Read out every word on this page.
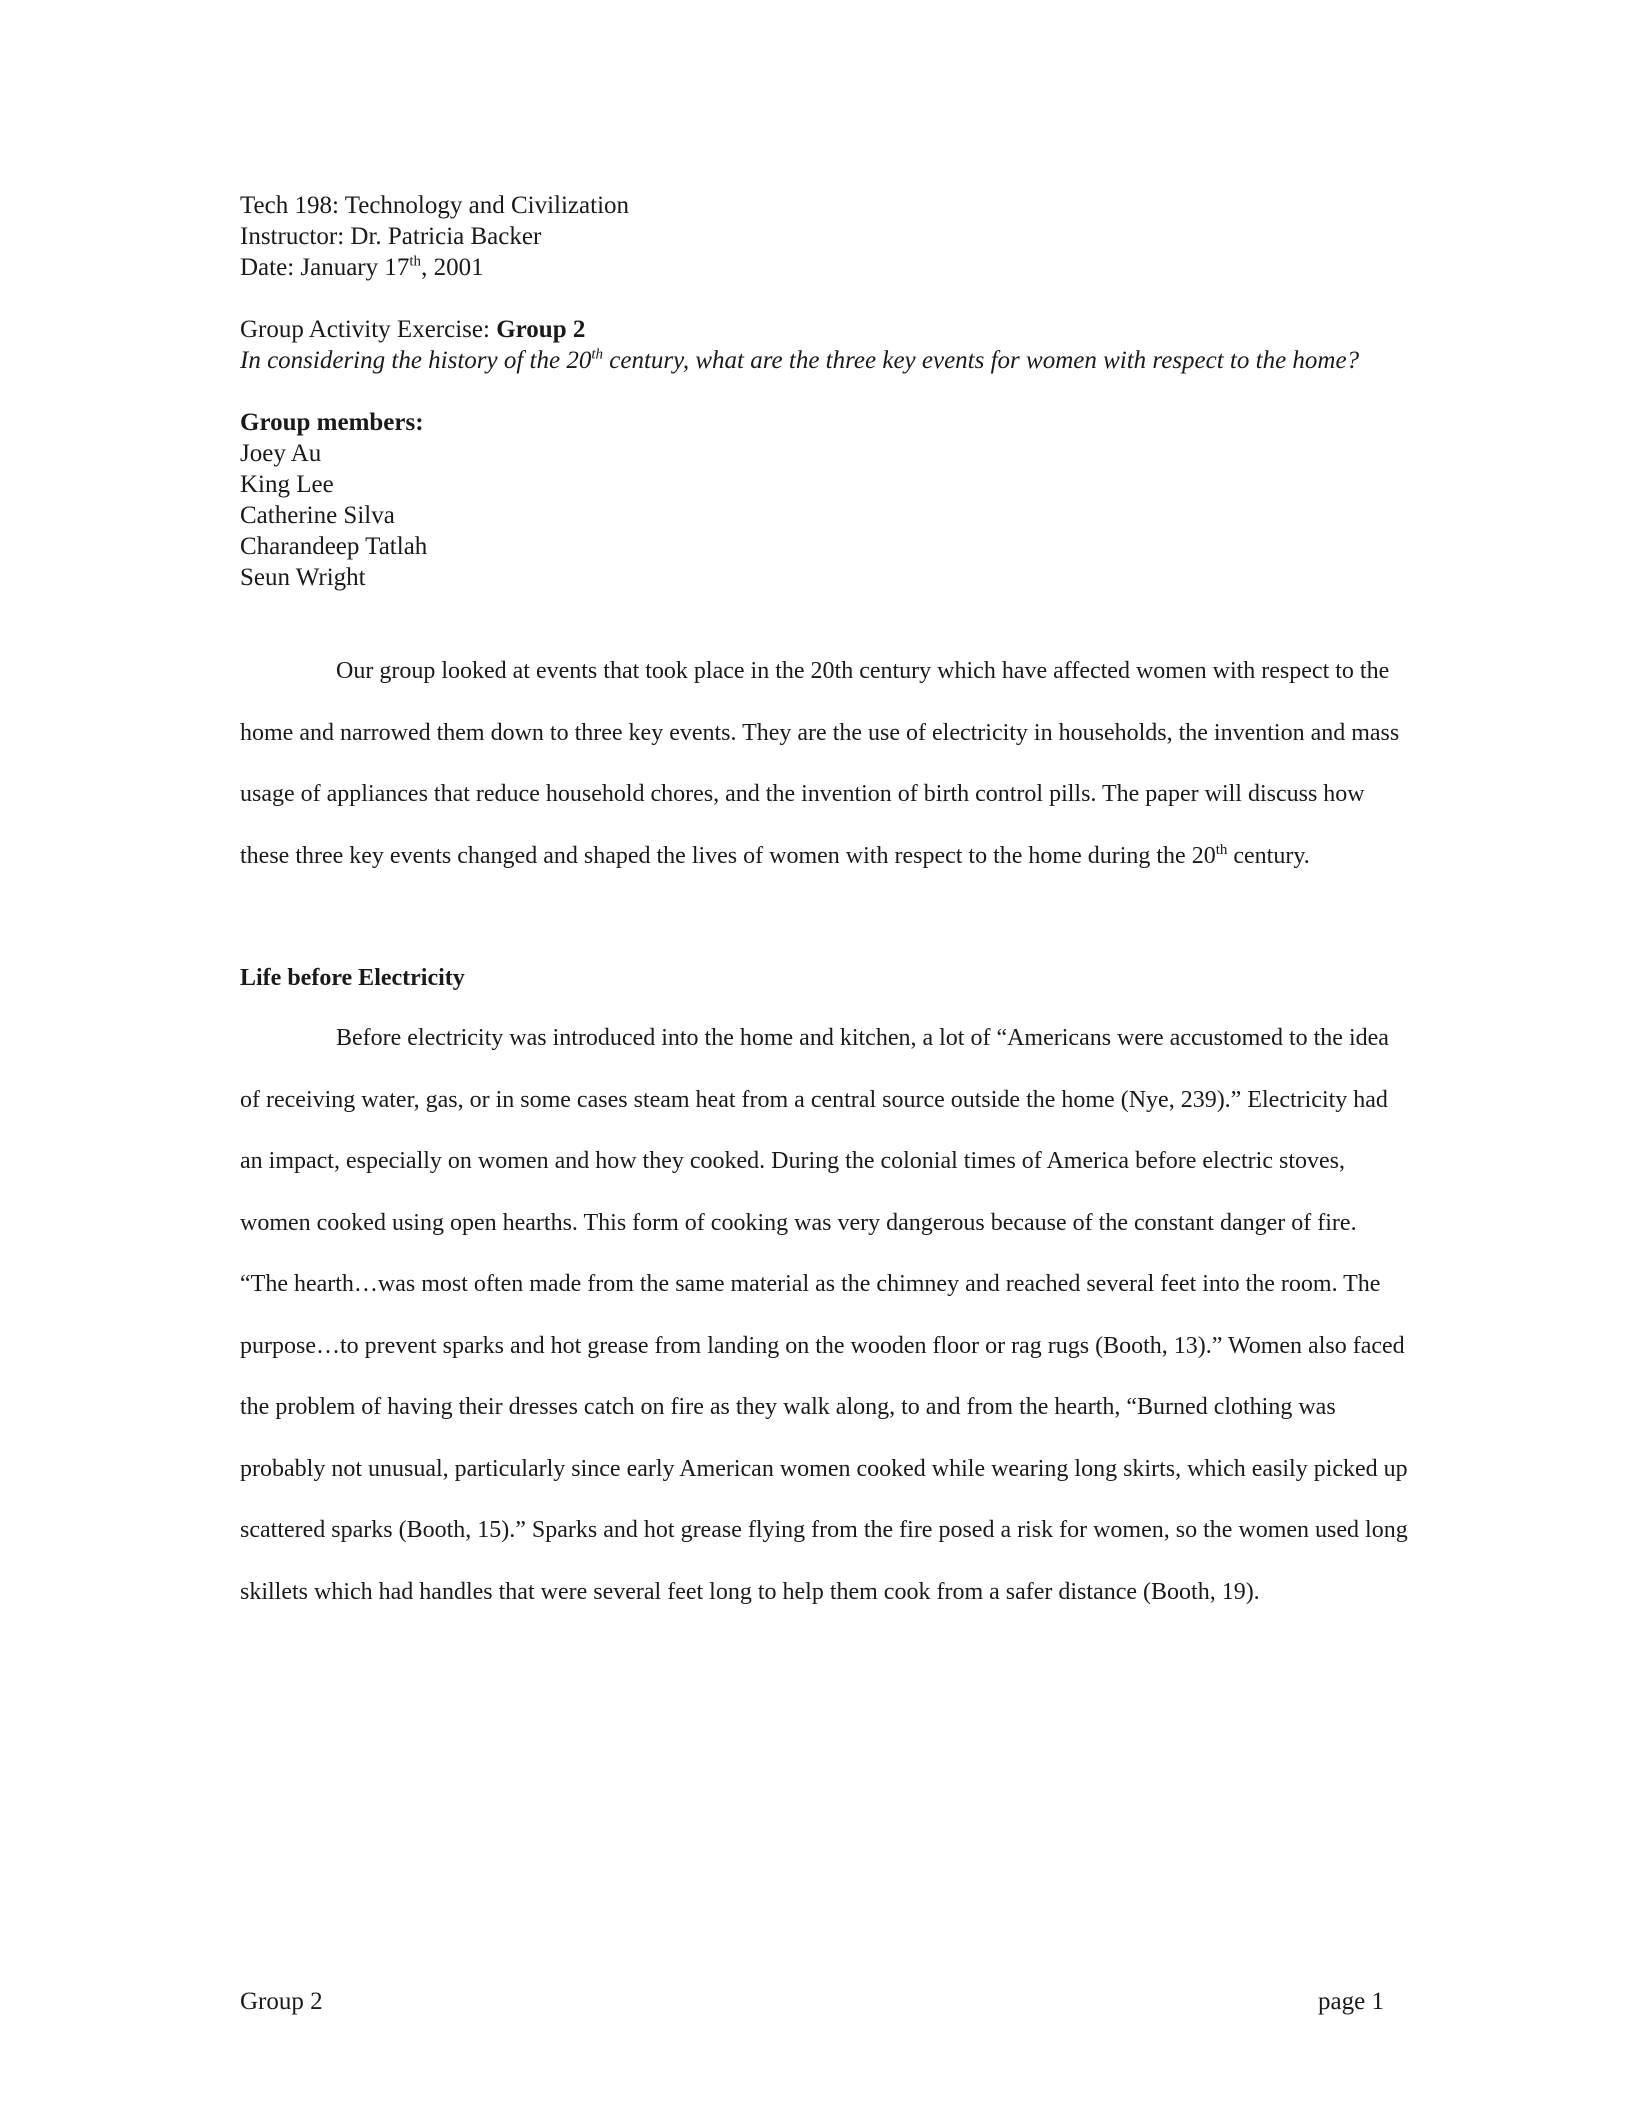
Tech 198: Technology and Civilization

Instructor: Dr. Patricia Backer

Date: January 17th, 2001

Group Activity Exercise: Group 2

In considering the history of the 20th century, what are the three key events for women with respect to the home?

Group members:

Joey Au
King Lee
Catherine Silva
Charandeep Tatlah
Seun Wright

Our group looked at events that took place in the 20th century which have affected women with respect to the home and narrowed them down to three key events. They are the use of electricity in households, the invention and mass usage of appliances that reduce household chores, and the invention of birth control pills. The paper will discuss how these three key events changed and shaped the lives of women with respect to the home during the 20th century.

Life before Electricity

Before electricity was introduced into the home and kitchen, a lot of “Americans were accustomed to the idea of receiving water, gas, or in some cases steam heat from a central source outside the home (Nye, 239).” Electricity had an impact, especially on women and how they cooked. During the colonial times of America before electric stoves, women cooked using open hearths. This form of cooking was very dangerous because of the constant danger of fire. “The hearth…was most often made from the same material as the chimney and reached several feet into the room. The purpose…to prevent sparks and hot grease from landing on the wooden floor or rag rugs (Booth, 13).” Women also faced the problem of having their dresses catch on fire as they walk along, to and from the hearth, “Burned clothing was probably not unusual, particularly since early American women cooked while wearing long skirts, which easily picked up scattered sparks (Booth, 15).” Sparks and hot grease flying from the fire posed a risk for women, so the women used long skillets which had handles that were several feet long to help them cook from a safer distance (Booth, 19).

Group 2	page 1
